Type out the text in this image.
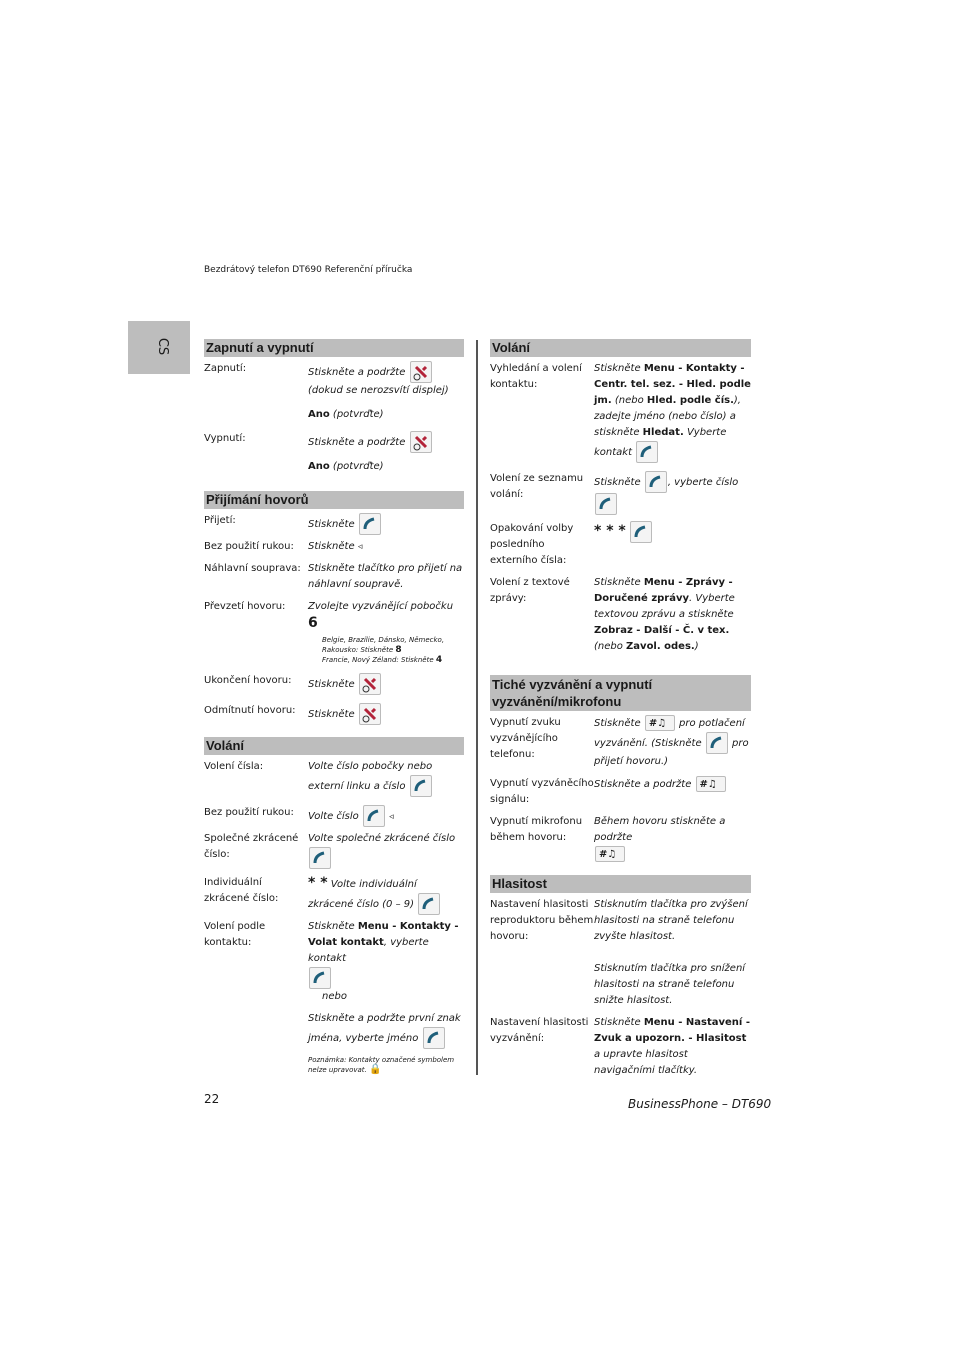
Bezdrátový telefon DT690 Referenční příručka
CS	Zapnutí a vypnutí
Zapnutí:	Stiskněte a podržte
(dokud se nerozsvítí displej)
Ano (potvrďte)
Vypnutí:	Stiskněte a podržte
Ano (potvrďte)
Přijímání hovorů
Přijetí:	Stiskněte
Bez použití rukou:	Stiskněte ◃
Náhlavní souprava: Stiskněte tlačítko pro přijetí na náhlavní soupravě.
Převzetí hovoru:	Zvolejte vyzvánějící pobočku 6
Belgie, Brazílie, Dánsko, Německo, Rakousko: Stiskněte 8
Francie, Nový Zéland: Stiskněte 4
Ukončení hovoru:	Stiskněte
Odmítnutí hovoru:	Stiskněte
Volání
Volení čísla:	Volte číslo pobočky nebo externí linku a číslo
Bez použití rukou:	Volte číslo	◃
Společné zkrácené číslo:
Volte společné zkrácené číslo
Individuální zkrácené číslo:
* * Volte individuální zkrácené číslo (0 – 9)
Volení podle kontaktu:
Stiskněte Menu - Kontakty - Volat kontakt, vyberte kontakt

nebo
Stiskněte a podržte první znak jména, vyberte jméno
Poznámka: Kontakty označené symbolem nelze upravovat. 🔒
Volání
Vyhledání a volení kontaktu:
Stiskněte Menu - Kontakty - Centr. tel. sez. - Hled. podle jm. (nebo Hled. podle čís.), zadejte jméno (nebo číslo) a stiskněte Hledat. Vyberte kontakt
Volení ze seznamu volání:
Stiskněte	, vyberte číslo
Opakování volby posledního externího čísla:
* * *
Volení z textové zprávy:
Stiskněte Menu - Zprávy - Doručené zprávy. Vyberte textovou zprávu a stiskněte Zobraz - Další - Č. v tex. (nebo Zavol. odes.)
Tiché vyzvánění a vypnutí vyzvánění/mikrofonu
Vypnutí zvuku vyzvánějícího telefonu:
Stiskněte #♫ pro potlačení vyzvánění. (Stiskněte	pro přijetí hovoru.)
Vypnutí vyzváněcího signálu:
Stiskněte a podržte #♫
Vypnutí mikrofonu během hovoru:
Během hovoru stiskněte a podržte

#♫
Hlasitost
Nastavení hlasitosti reproduktoru během hovoru:
Stisknutím tlačítka pro zvýšení hlasitosti na straně telefonu zvyšte hlasitost.

Stisknutím tlačítka pro snížení hlasitosti na straně telefonu snižte hlasitost.
Nastavení hlasitosti vyzvánění:
Stiskněte Menu - Nastavení - Zvuk a upozorn. - Hlasitost a upravte hlasitost navigačními tlačítky.
22	BusinessPhone – DT690
